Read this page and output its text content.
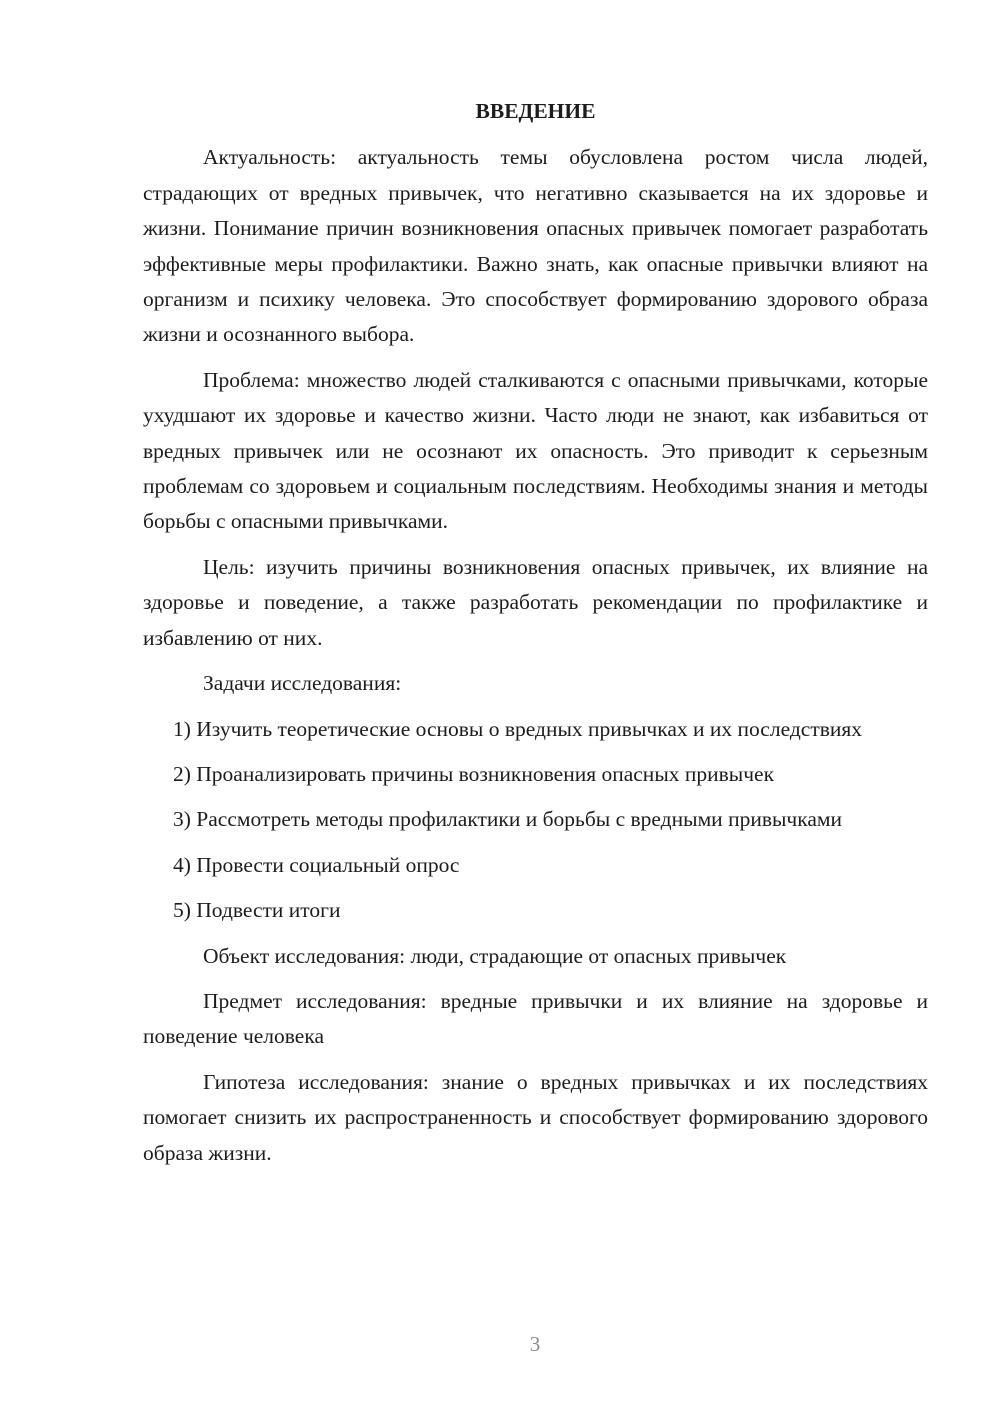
ВВЕДЕНИЕ
Актуальность: актуальность темы обусловлена ростом числа людей, страдающих от вредных привычек, что негативно сказывается на их здоровье и жизни. Понимание причин возникновения опасных привычек помогает разработать эффективные меры профилактики. Важно знать, как опасные привычки влияют на организм и психику человека. Это способствует формированию здорового образа жизни и осознанного выбора.
Проблема: множество людей сталкиваются с опасными привычками, которые ухудшают их здоровье и качество жизни. Часто люди не знают, как избавиться от вредных привычек или не осознают их опасность. Это приводит к серьезным проблемам со здоровьем и социальным последствиям. Необходимы знания и методы борьбы с опасными привычками.
Цель: изучить причины возникновения опасных привычек, их влияние на здоровье и поведение, а также разработать рекомендации по профилактике и избавлению от них.
Задачи исследования:
1) Изучить теоретические основы о вредных привычках и их последствиях
2) Проанализировать причины возникновения опасных привычек
3) Рассмотреть методы профилактики и борьбы с вредными привычками
4) Провести социальный опрос
5) Подвести итоги
Объект исследования: люди, страдающие от опасных привычек
Предмет исследования: вредные привычки и их влияние на здоровье и поведение человека
Гипотеза исследования: знание о вредных привычках и их последствиях помогает снизить их распространенность и способствует формированию здорового образа жизни.
3
